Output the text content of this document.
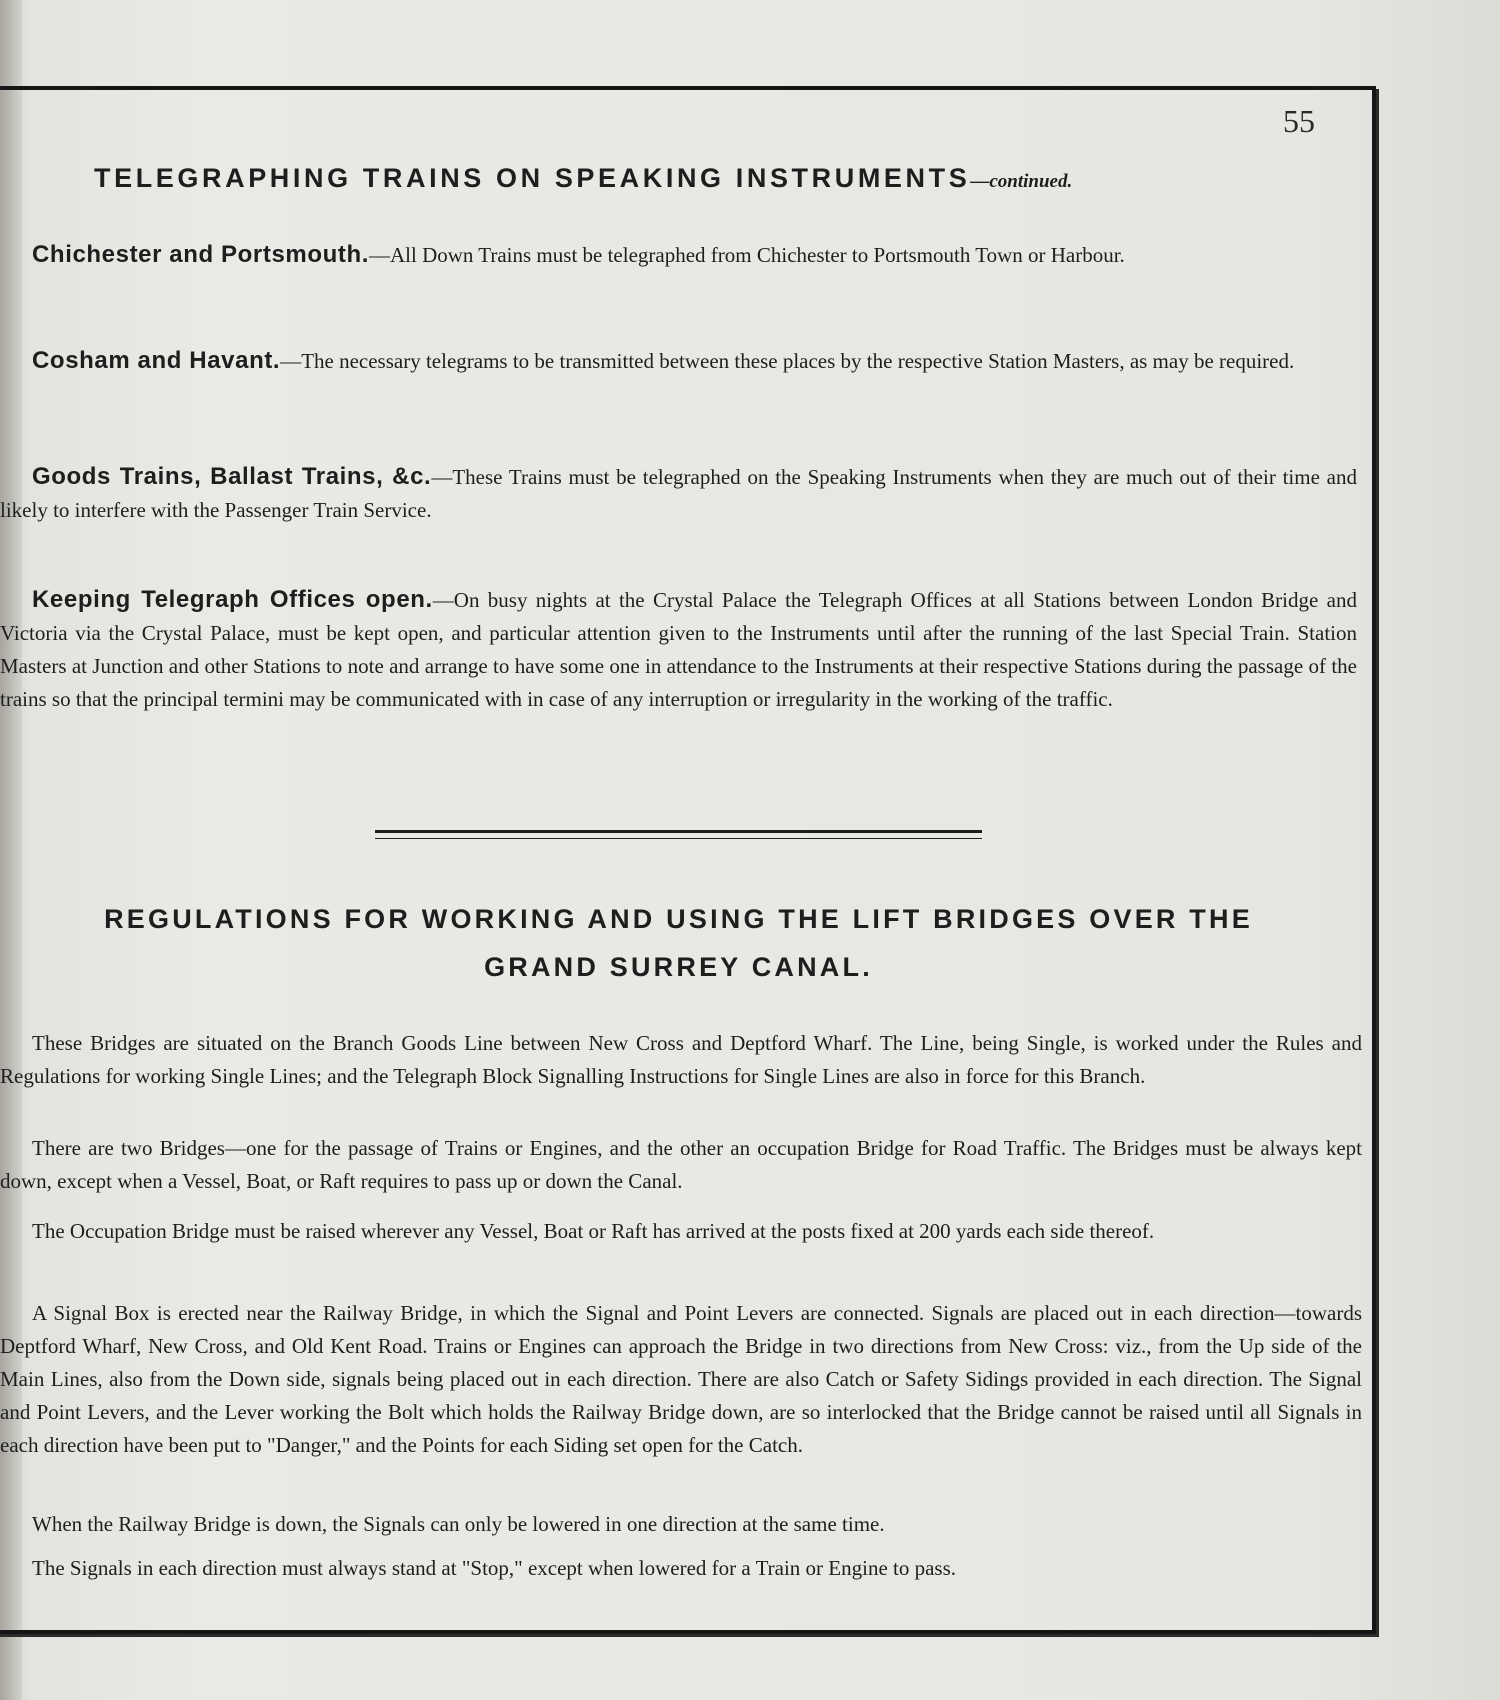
55

TELEGRAPHING TRAINS ON SPEAKING INSTRUMENTS—continued.

Chichester and Portsmouth.—All Down Trains must be telegraphed from Chichester to Portsmouth Town or Harbour.

Cosham and Havant.—The necessary telegrams to be transmitted between these places by the respective Station Masters, as may be required.

Goods Trains, Ballast Trains, &c.—These Trains must be telegraphed on the Speaking Instruments when they are much out of their time and likely to interfere with the Passenger Train Service.

Keeping Telegraph Offices open.—On busy nights at the Crystal Palace the Telegraph Offices at all Stations between London Bridge and Victoria via the Crystal Palace, must be kept open, and particular attention given to the Instruments until after the running of the last Special Train. Station Masters at Junction and other Stations to note and arrange to have some one in attendance to the Instruments at their respective Stations during the passage of the trains so that the principal termini may be communicated with in case of any interruption or irregularity in the working of the traffic.

REGULATIONS FOR WORKING AND USING THE LIFT BRIDGES OVER THE
GRAND SURREY CANAL.

These Bridges are situated on the Branch Goods Line between New Cross and Deptford Wharf. The Line, being Single, is worked under the Rules and Regulations for working Single Lines; and the Telegraph Block Signalling Instructions for Single Lines are also in force for this Branch.

There are two Bridges—one for the passage of Trains or Engines, and the other an occupation Bridge for Road Traffic. The Bridges must be always kept down, except when a Vessel, Boat, or Raft requires to pass up or down the Canal.

The Occupation Bridge must be raised wherever any Vessel, Boat or Raft has arrived at the posts fixed at 200 yards each side thereof.

A Signal Box is erected near the Railway Bridge, in which the Signal and Point Levers are connected. Signals are placed out in each direction—towards Deptford Wharf, New Cross, and Old Kent Road. Trains or Engines can approach the Bridge in two directions from New Cross: viz., from the Up side of the Main Lines, also from the Down side, signals being placed out in each direction. There are also Catch or Safety Sidings provided in each direction. The Signal and Point Levers, and the Lever working the Bolt which holds the Railway Bridge down, are so interlocked that the Bridge cannot be raised until all Signals in each direction have been put to "Danger," and the Points for each Siding set open for the Catch.

When the Railway Bridge is down, the Signals can only be lowered in one direction at the same time.

The Signals in each direction must always stand at "Stop," except when lowered for a Train or Engine to pass.
